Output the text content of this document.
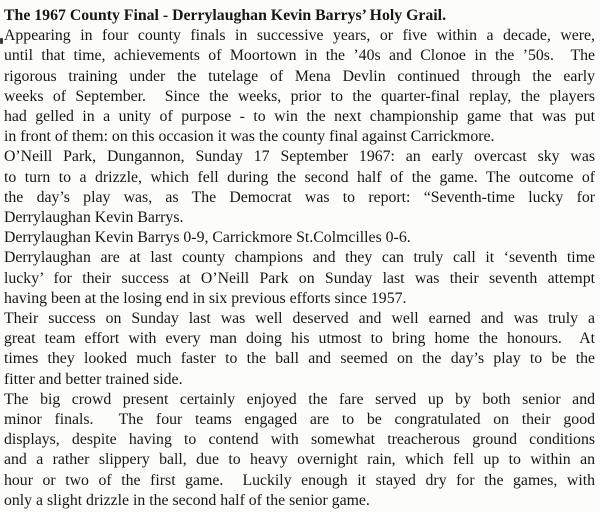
The 1967 County Final - Derrylaughan Kevin Barrys’ Holy Grail.
Appearing in four county finals in successive years, or five within a decade, were,
until that time, achievements of Moortown in the ’40s and Clonoe in the ’50s.  The
rigorous training under the tutelage of Mena Devlin continued through the early
weeks of September.  Since the weeks, prior to the quarter-final replay, the players
had gelled in a unity of purpose - to win the next championship game that was put
in front of them: on this occasion it was the county final against Carrickmore.
O’Neill Park, Dungannon, Sunday 17 September 1967: an early overcast sky was
to turn to a drizzle, which fell during the second half of the game. The outcome of
the day’s play was, as The Democrat was to report: “Seventh-time lucky for
Derrylaughan Kevin Barrys.
Derrylaughan Kevin Barrys 0-9, Carrickmore St.Colmcilles 0-6.
Derrylaughan are at last county champions and they can truly call it ‘seventh time
lucky’ for their success at O’Neill Park on Sunday last was their seventh attempt
having been at the losing end in six previous efforts since 1957.
Their success on Sunday last was well deserved and well earned and was truly a
great team effort with every man doing his utmost to bring home the honours.  At
times they looked much faster to the ball and seemed on the day’s play to be the
fitter and better trained side.
The big crowd present certainly enjoyed the fare served up by both senior and
minor finals.  The four teams engaged are to be congratulated on their good
displays, despite having to contend with somewhat treacherous ground conditions
and a rather slippery ball, due to heavy overnight rain, which fell up to within an
hour or two of the first game.  Luckily enough it stayed dry for the games, with
only a slight drizzle in the second half of the senior game.
